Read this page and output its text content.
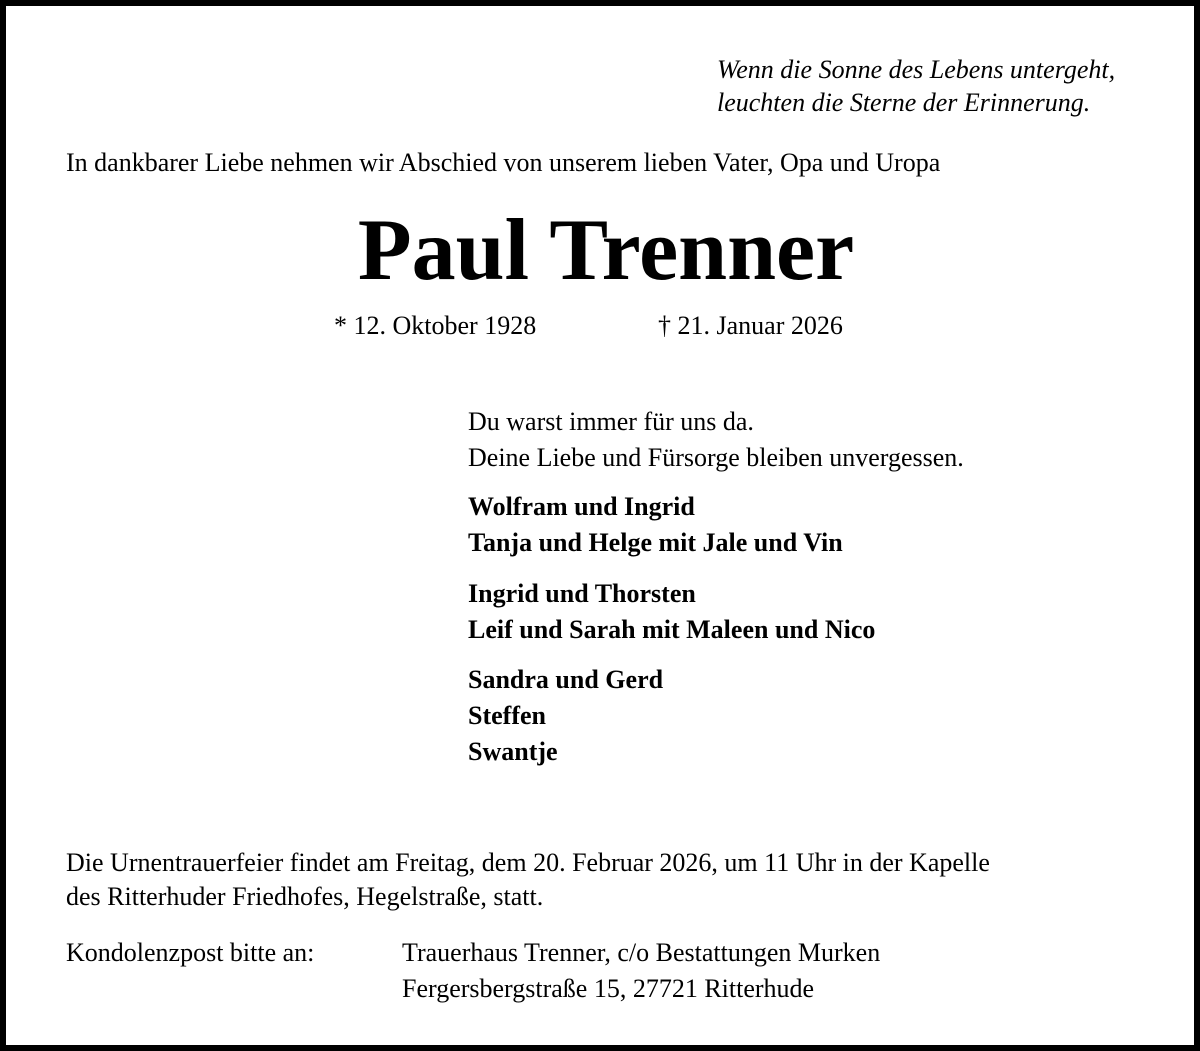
Wenn die Sonne des Lebens untergeht,
leuchten die Sterne der Erinnerung.
In dankbarer Liebe nehmen wir Abschied von unserem lieben Vater, Opa und Uropa
Paul Trenner
* 12. Oktober 1928	† 21. Januar 2026
Du warst immer für uns da.
Deine Liebe und Fürsorge bleiben unvergessen.
Wolfram und Ingrid
Tanja und Helge mit Jale und Vin
Ingrid und Thorsten
Leif und Sarah mit Maleen und Nico
Sandra und Gerd
Steffen
Swantje
Die Urnentrauerfeier findet am Freitag, dem 20. Februar 2026, um 11 Uhr in der Kapelle
des Ritterhuder Friedhofes, Hegelstraße, statt.
Kondolenzpost bitte an:	Trauerhaus Trenner, c/o Bestattungen Murken
Fergersbergstraße 15, 27721 Ritterhude
